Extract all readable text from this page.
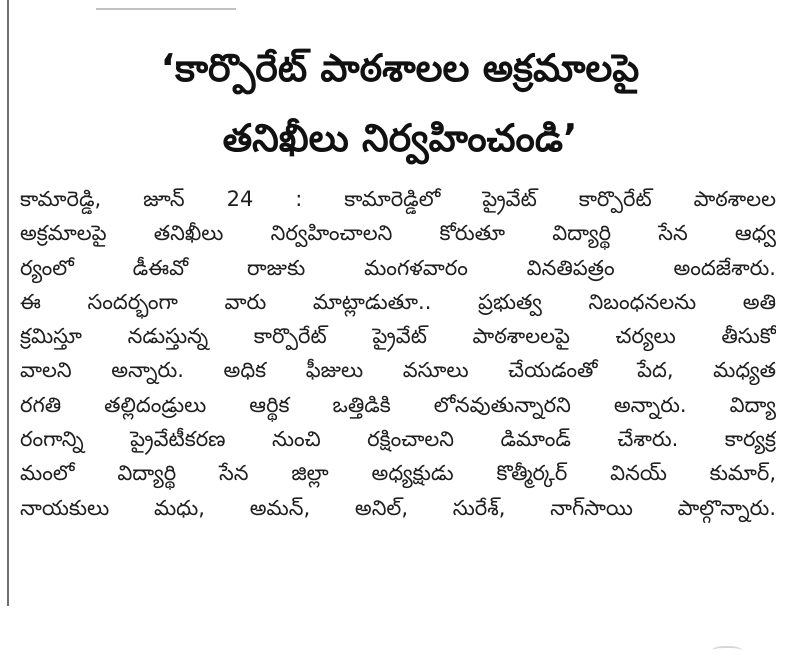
‘కార్పొరేట్ పాఠశాలల అక్రమాలపై
తనిఖీలు నిర్వహించండి’
కామారెడ్డి, జూన్ 24 : కామారెడ్డిలో ప్రైవేట్ కార్పొరేట్ పాఠశాలల
అక్రమాలపై తనిఖీలు నిర్వహించాలని కోరుతూ విద్యార్థి సేన ఆధ్వ
ర్యంలో డీఈవో రాజుకు మంగళవారం వినతిపత్రం అందజేశారు.
ఈ సందర్భంగా వారు మాట్లాడుతూ.. ప్రభుత్వ నిబంధనలను అతి
క్రమిస్తూ నడుస్తున్న కార్పొరేట్ ప్రైవేట్ పాఠశాలలపై చర్యలు తీసుకో
వాలని అన్నారు. అధిక ఫీజులు వసూలు చేయడంతో పేద, మధ్యత
రగతి తల్లిదండ్రులు ఆర్థిక ఒత్తిడికి లోనవుతున్నారని అన్నారు. విద్యా
రంగాన్ని ప్రైవేటీకరణ నుంచి రక్షించాలని డిమాండ్ చేశారు. కార్యక్ర
మంలో విద్యార్థి సేన జిల్లా అధ్యక్షుడు కొత్మీర్కర్ వినయ్ కుమార్,
నాయకులు మధు, అమన్, అనిల్, సురేశ్, నాగ్‌సాయి పాల్గొన్నారు.
